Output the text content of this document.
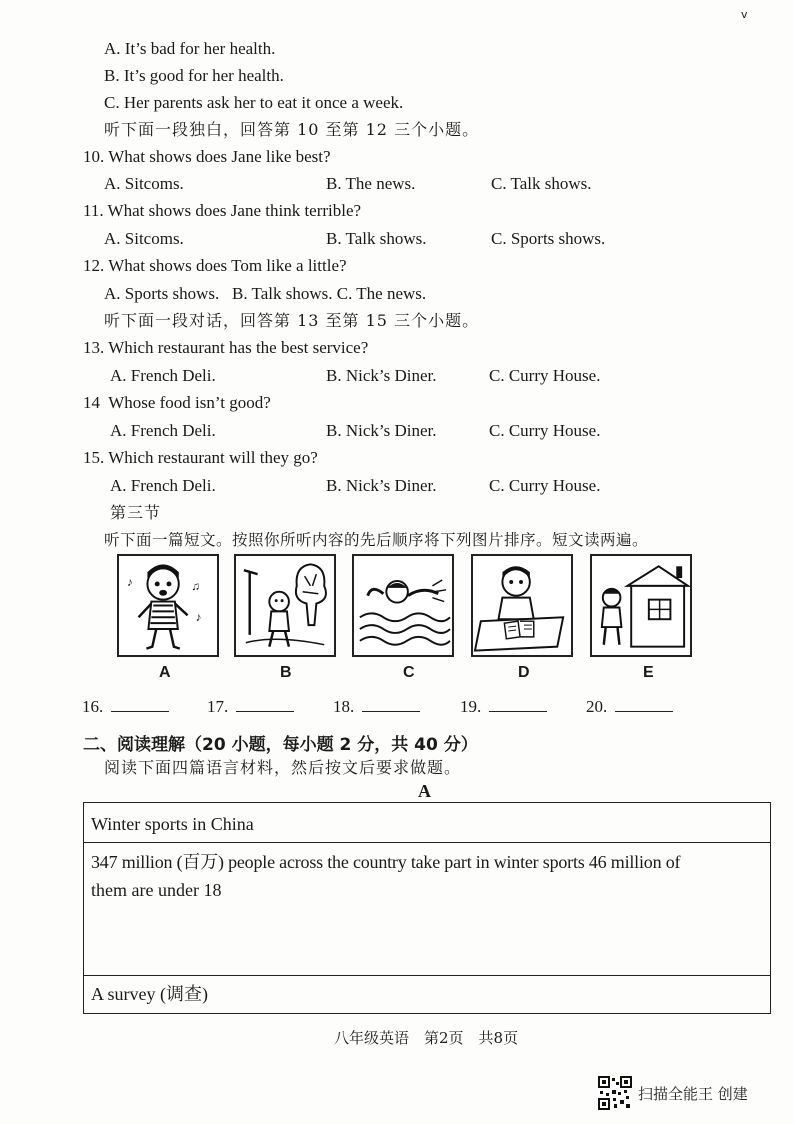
v
A. It’s bad for her health.
B. It’s good for her health.
C. Her parents ask her to eat it once a week.
听下面一段独白，回答第 10 至第 12 三个小题。
10. What shows does Jane like best?
A. Sitcoms.	B. The news.	C. Talk shows.
11. What shows does Jane think terrible?
A. Sitcoms.	B. Talk shows.	C. Sports shows.
12. What shows does Tom like a little?
A. Sports shows.   B. Talk shows. C. The news.
听下面一段对话，回答第 13 至第 15 三个小题。
13. Which restaurant has the best service?
A. French Deli.	B. Nick’s Diner.	C. Curry House.
14  Whose food isn’t good?
A. French Deli.	B. Nick’s Diner.	C. Curry House.
15. Which restaurant will they go?
A. French Deli.	B. Nick’s Diner.	C. Curry House.
第三节
听下面一篇短文。按照你所听内容的先后顺序将下列图片排序。短文读两遍。
♪	♫
♪
A	B	C	D	E
16.	17.	18.	19.	20.
二、阅读理解（20 小题，每小题 2 分，共 40 分）
阅读下面四篇语言材料，然后按文后要求做题。
A
Winter sports in China
347 million (百万) people across the country take part in winter sports 46 million of
them are under 18
A survey (调查)
八年级英语　第2页　共8页
扫描全能王 创建
